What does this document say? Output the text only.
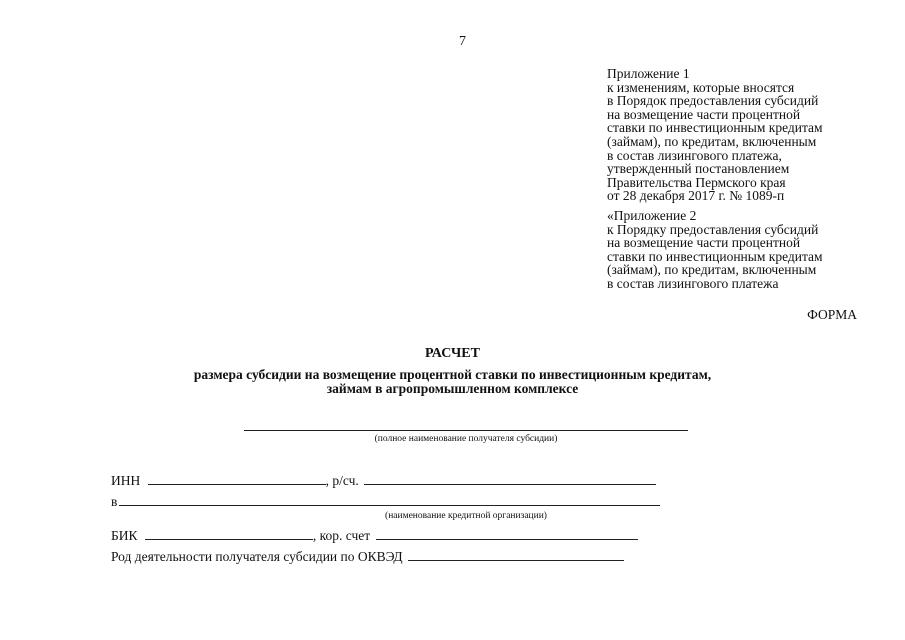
7
Приложение 1
к изменениям, которые вносятся
в Порядок предоставления субсидий
на возмещение части процентной
ставки по инвестиционным кредитам
(займам), по кредитам, включенным
в состав лизингового платежа,
утвержденный постановлением
Правительства Пермского края
от 28 декабря 2017 г. № 1089-п
«Приложение 2
к Порядку предоставления субсидий
на возмещение части процентной
ставки по инвестиционным кредитам
(займам), по кредитам, включенным
в состав лизингового платежа
ФОРМА
РАСЧЕТ
размера субсидии на возмещение процентной ставки по инвестиционным кредитам,
займам в агропромышленном комплексе
(полное наименование получателя субсидии)
ИНН	, р/сч.
в
(наименование кредитной организации)
БИК	, кор. счет
Род деятельности получателя субсидии по ОКВЭД
